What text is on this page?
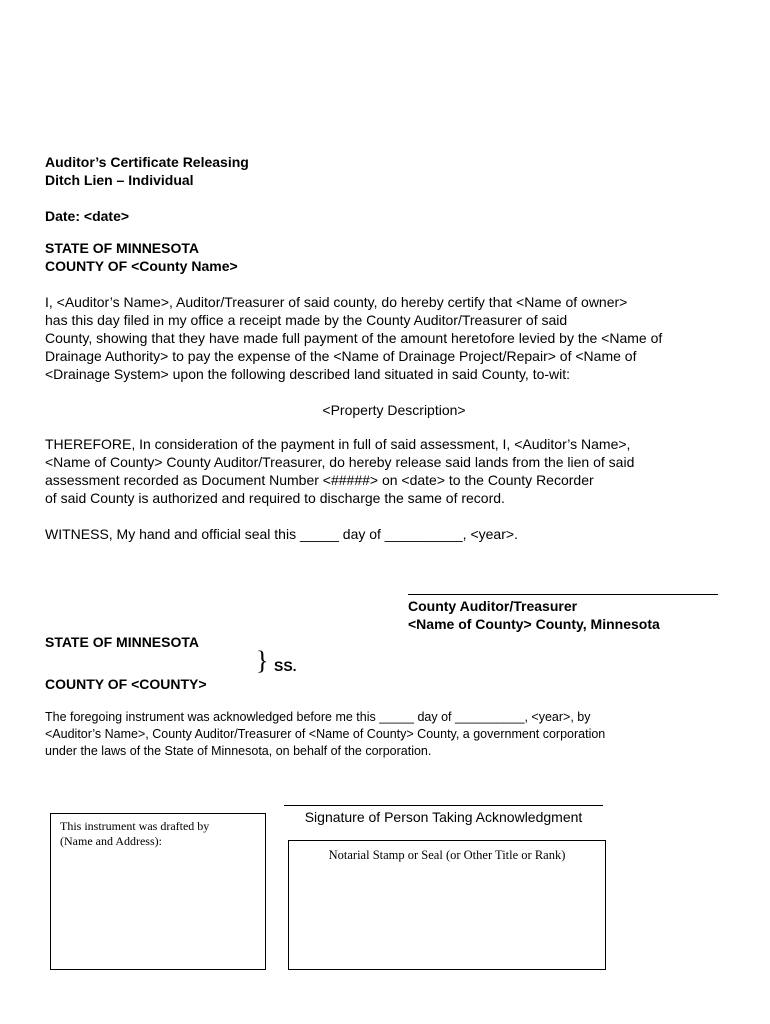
Auditor’s Certificate Releasing
Ditch Lien – Individual
Date: <date>
STATE OF MINNESOTA
COUNTY OF <County Name>
I, <Auditor’s Name>, Auditor/Treasurer of said county, do hereby certify that <Name of owner>
has this day filed in my office a receipt made by the County Auditor/Treasurer of said
County, showing that they have made full payment of the amount heretofore levied by the <Name of
Drainage Authority> to pay the expense of the <Name of Drainage Project/Repair> of <Name of
<Drainage System> upon the following described land situated in said County, to-wit:
<Property Description>
THEREFORE, In consideration of the payment in full of said assessment, I, <Auditor’s Name>,
<Name of County> County Auditor/Treasurer, do hereby release said lands from the lien of said
assessment recorded as Document Number <#####> on <date> to the County Recorder
of said County is authorized and required to discharge the same of record.
WITNESS, My hand and official seal this _____ day of __________, <year>.
County Auditor/Treasurer
<Name of County> County, Minnesota
STATE OF MINNESOTA
} SS.
COUNTY OF <COUNTY>
The foregoing instrument was acknowledged before me this _____ day of __________, <year>, by
<Auditor’s Name>, County Auditor/Treasurer of <Name of County> County, a government corporation
under the laws of the State of Minnesota, on behalf of the corporation.
Signature of Person Taking Acknowledgment
This instrument was drafted by
(Name and Address):
Notarial Stamp or Seal (or Other Title or Rank)
